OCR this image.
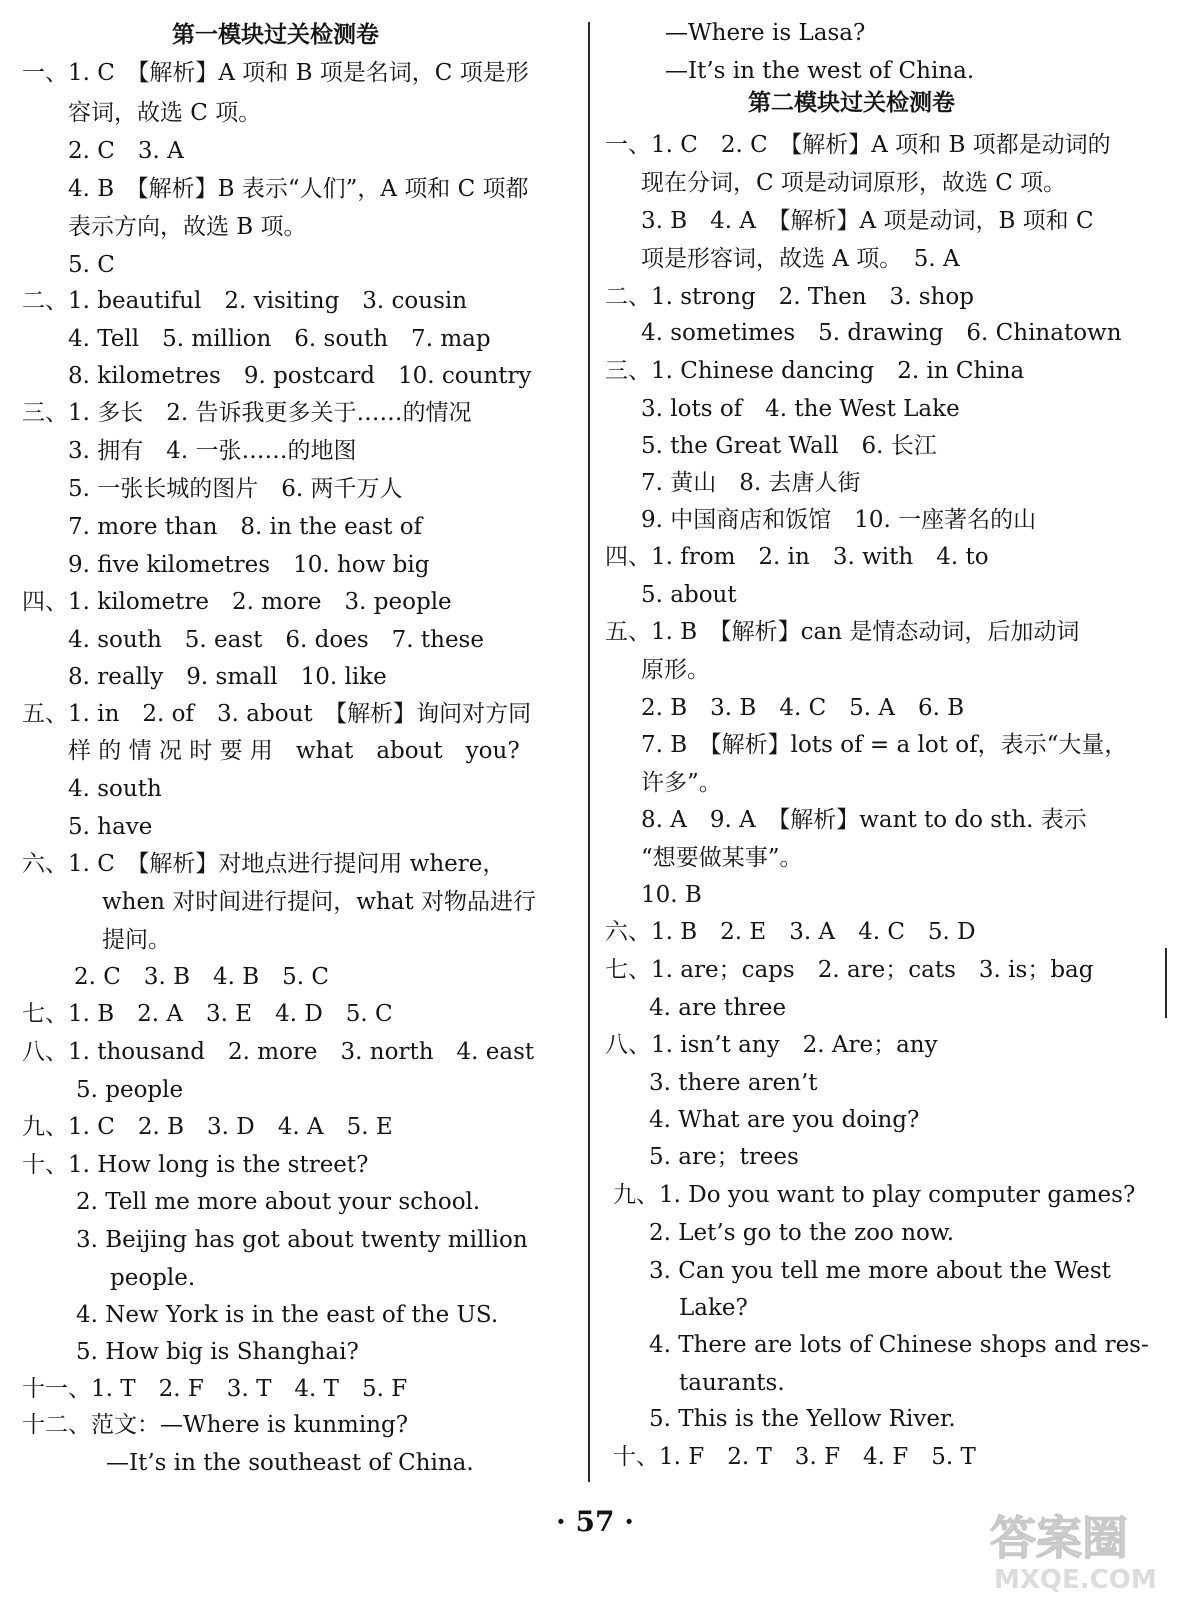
第一模块过关检测卷
一、1. C　【解析】A 项和 B 项是名词，C 项是形
容词，故选 C 项。
2. C　3. A
4. B　【解析】B 表示“人们”，A 项和 C 项都
表示方向，故选 B 项。
5. C
二、1. beautiful　2. visiting　3. cousin
4. Tell　5. million　6. south　7. map
8. kilometres　9. postcard　10. country
三、1. 多长　2. 告诉我更多关于……的情况
3. 拥有　4. 一张……的地图
5. 一张长城的图片　6. 两千万人
7. more than　8. in the east of
9. five kilometres　10. how big
四、1. kilometre　2. more　3. people
4. south　5. east　6. does　7. these
8. really　9. small　10. like
五、1. in　2. of　3. about　【解析】询问对方同
样 的 情 况 时 要 用　what　about　you?
4. south
5. have
六、1. C　【解析】对地点进行提问用 where，
when 对时间进行提问，what 对物品进行
提问。
2. C　3. B　4. B　5. C
七、1. B　2. A　3. E　4. D　5. C
八、1. thousand　2. more　3. north　4. east
5. people
九、1. C　2. B　3. D　4. A　5. E
十、1. How long is the street?
2. Tell me more about your school.
3. Beijing has got about twenty million
people.
4. New York is in the east of the US.
5. How big is Shanghai?
十一、1. T　2. F　3. T　4. T　5. F
十二、范文：—Where is kunming?
—It’s in the southeast of China.
—Where is Lasa?
—It’s in the west of China.
第二模块过关检测卷
一、1. C　2. C　【解析】A 项和 B 项都是动词的
现在分词，C 项是动词原形，故选 C 项。
3. B　4. A　【解析】A 项是动词，B 项和 C
项是形容词，故选 A 项。　5. A
二、1. strong　2. Then　3. shop
4. sometimes　5. drawing　6. Chinatown
三、1. Chinese dancing　2. in China
3. lots of　4. the West Lake
5. the Great Wall　6. 长江
7. 黄山　8. 去唐人街
9. 中国商店和饭馆　10. 一座著名的山
四、1. from　2. in　3. with　4. to
5. about
五、1. B　【解析】can 是情态动词，后加动词
原形。
2. B　3. B　4. C　5. A　6. B
7. B　【解析】lots of = a lot of，表示“大量，
许多”。
8. A　9. A　【解析】want to do sth. 表示
“想要做某事”。
10. B
六、1. B　2. E　3. A　4. C　5. D
七、1. are；caps　2. are；cats　3. is；bag
4. are three
八、1. isn’t any　2. Are；any
3. there aren’t
4. What are you doing?
5. are；trees
九、1. Do you want to play computer games?
2. Let’s go to the zoo now.
3. Can you tell me more about the West
Lake?
4. There are lots of Chinese shops and res-
taurants.
5. This is the Yellow River.
十、1. F　2. T　3. F　4. F　5. T
· 57 ·	答案圈
MXQE.COM
